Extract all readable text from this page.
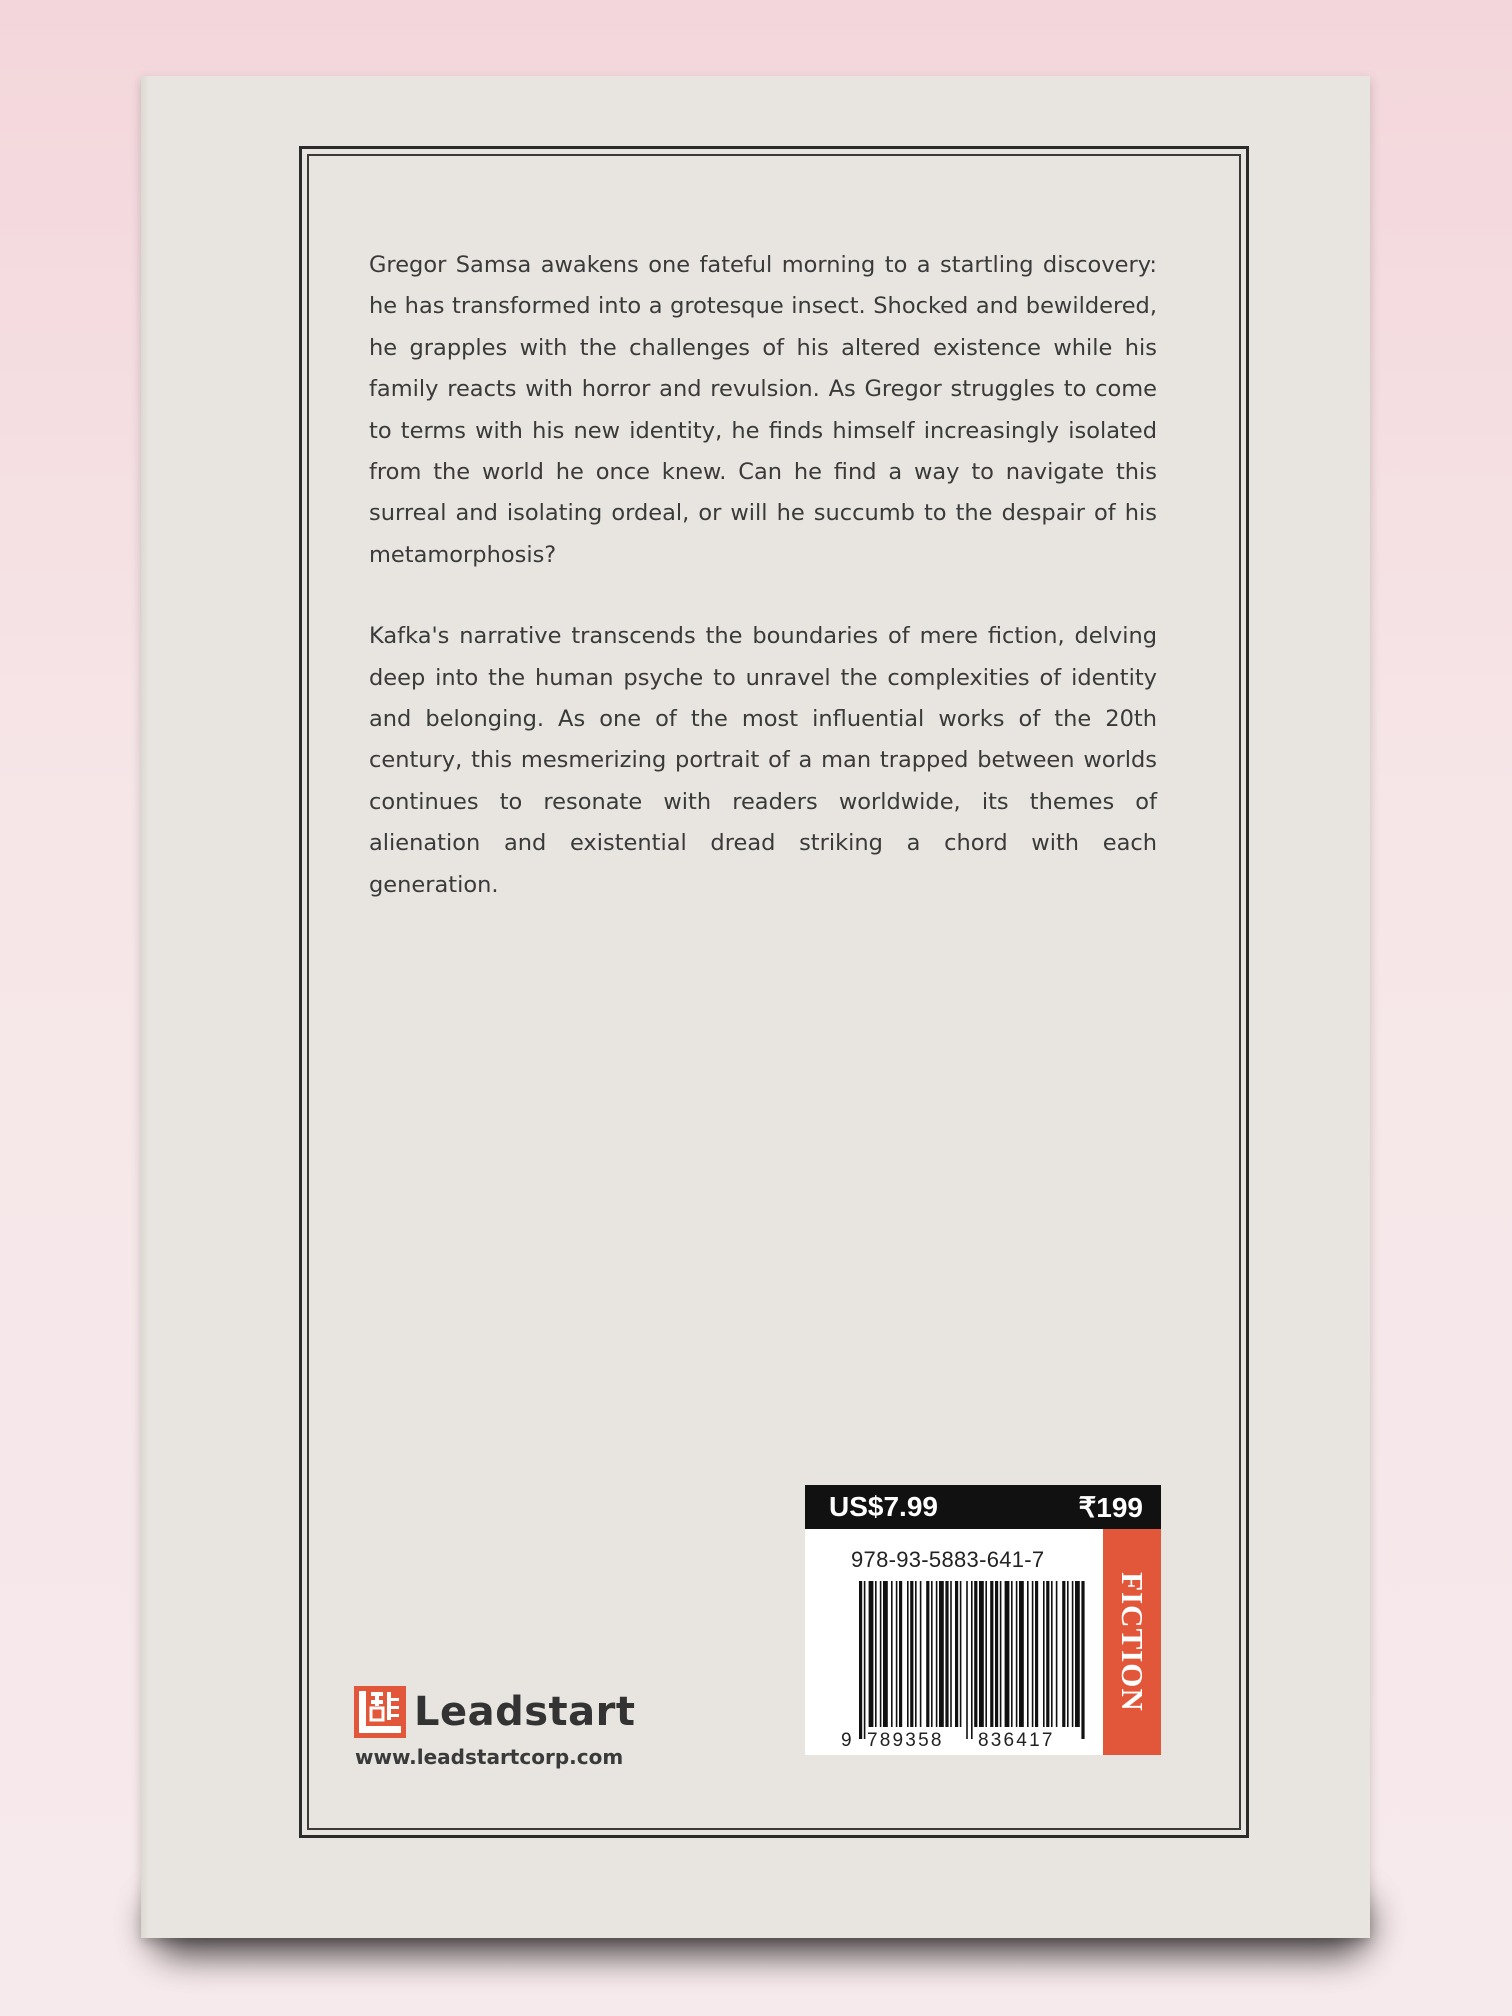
Gregor Samsa awakens one fateful morning to a startling discovery: he has transformed into a grotesque insect. Shocked and bewildered, he grapples with the challenges of his altered existence while his family reacts with horror and revulsion. As Gregor struggles to come to terms with his new identity, he finds himself increasingly isolated from the world he once knew. Can he find a way to navigate this surreal and isolating ordeal, or will he succumb to the despair of his metamorphosis?

Kafka's narrative transcends the boundaries of mere fiction, delving deep into the human psyche to unravel the complexities of identity and belonging. As one of the most influential works of the 20th century, this mesmerizing portrait of a man trapped between worlds continues to resonate with readers worldwide, its themes of alienation and existential dread striking a chord with each generation.

Leadstart
www.leadstartcorp.com
US$7.99	₹199
978-93-5883-641-7
9 789358 836417
FICTION
